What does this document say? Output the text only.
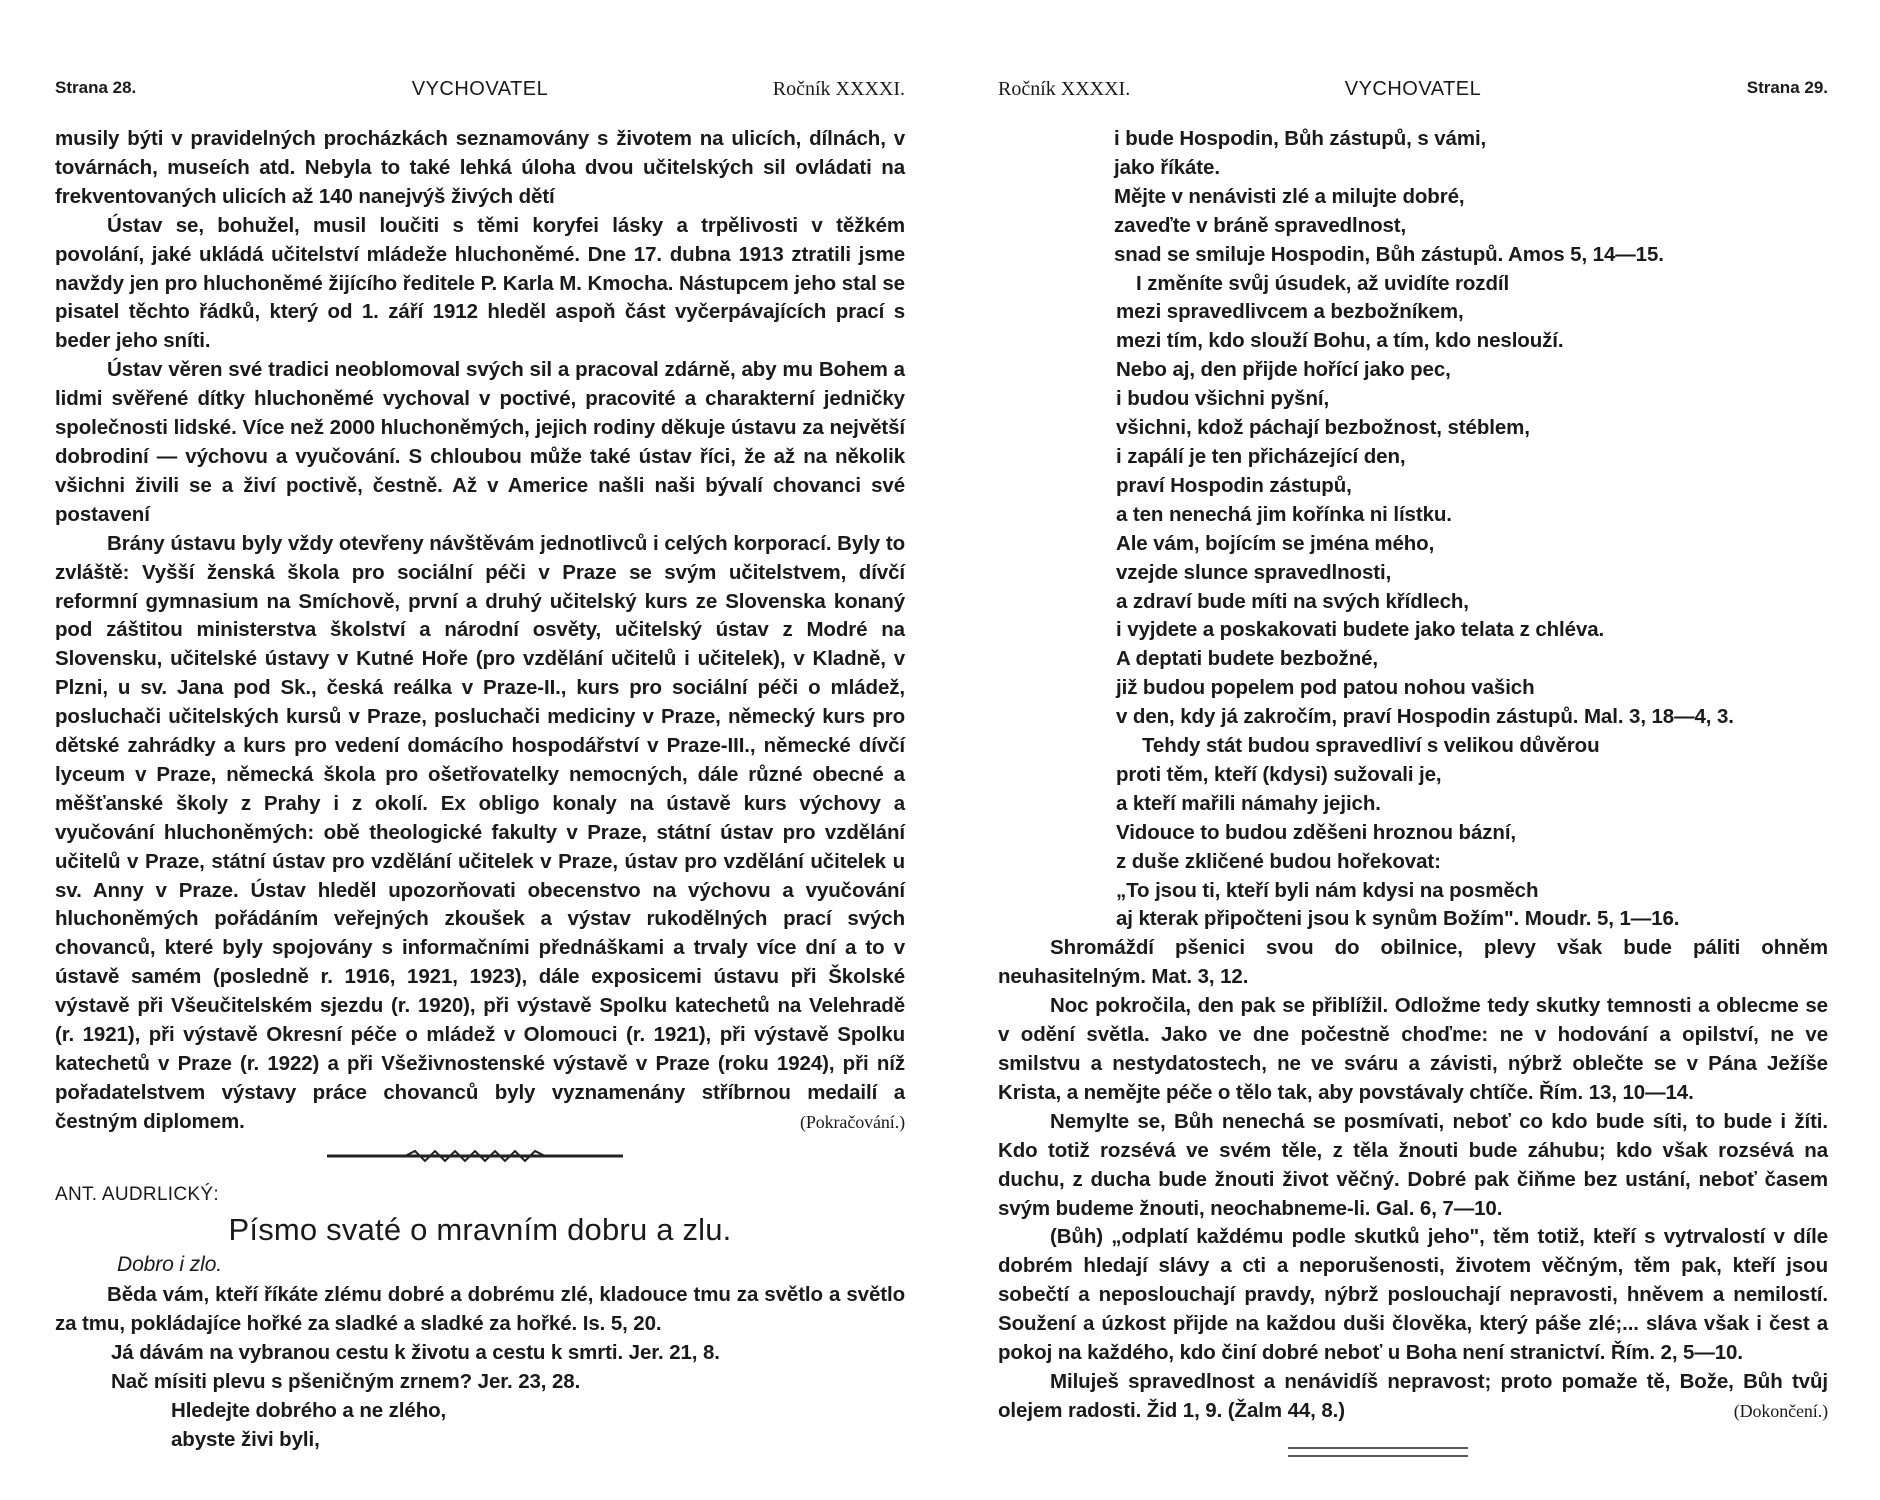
Strana 28.	VYCHOVATEL	Ročník XXXXI.

musily býti v pravidelných procházkách seznamovány s životem na ulicích, dílnách, v továrnách, museích atd. Nebyla to také lehká úloha dvou učitelských sil ovládati na frekventovaných ulicích až 140 nanejvýš živých dětí

Ústav se, bohužel, musil loučiti s těmi koryfei lásky a trpělivosti v těžkém povolání, jaké ukládá učitelství mládeže hluchoněmé. Dne 17. dubna 1913 ztratili jsme navždy jen pro hluchoněmé žijícího ředitele P. Karla M. Kmocha. Nástupcem jeho stal se pisatel těchto řádků, který od 1. září 1912 hleděl aspoň část vyčerpávajících prací s beder jeho sníti.

Ústav věren své tradici neoblomoval svých sil a pracoval zdárně, aby mu Bohem a lidmi svěřené dítky hluchoněmé vychoval v poctivé, pracovité a charakterní jedničky společnosti lidské. Více než 2000 hluchoněmých, jejich rodiny děkuje ústavu za největší dobrodiní — výchovu a vyučování. S chloubou může také ústav říci, že až na několik všichni živili se a živí poctivě, čestně. Až v Americe našli naši bývalí chovanci své postavení

Brány ústavu byly vždy otevřeny návštěvám jednotlivců i celých korporací. Byly to zvláště: Vyšší ženská škola pro sociální péči v Praze se svým učitelstvem, dívčí reformní gymnasium na Smíchově, první a druhý učitelský kurs ze Slovenska konaný pod záštitou ministerstva školství a národní osvěty, učitelský ústav z Modré na Slovensku, učitelské ústavy v Kutné Hoře (pro vzdělání učitelů i učitelek), v Kladně, v Plzni, u sv. Jana pod Sk., česká reálka v Praze-II., kurs pro sociální péči o mládež, posluchači učitelských kursů v Praze, posluchači mediciny v Praze, německý kurs pro dětské zahrádky a kurs pro vedení domácího hospodářství v Praze-III., německé dívčí lyceum v Praze, německá škola pro ošetřovatelky nemocných, dále různé obecné a měšťanské školy z Prahy i z okolí. Ex obligo konaly na ústavě kurs výchovy a vyučování hluchoněmých: obě theologické fakulty v Praze, státní ústav pro vzdělání učitelů v Praze, státní ústav pro vzdělání učitelek v Praze, ústav pro vzdělání učitelek u sv. Anny v Praze. Ústav hleděl upozorňovati obecenstvo na výchovu a vyučování hluchoněmých pořádáním veřejných zkoušek a výstav rukodělných prací svých chovanců, které byly spojovány s informačními přednáškami a trvaly více dní a to v ústavě samém (posledně r. 1916, 1921, 1923), dále exposicemi ústavu při Školské výstavě při Všeučitelském sjezdu (r. 1920), při výstavě Spolku katechetů na Velehradě (r. 1921), při výstavě Okresní péče o mládež v Olomouci (r. 1921), při výstavě Spolku katechetů v Praze (r. 1922) a při Všeživnostenské výstavě v Praze (roku 1924), při níž pořadatelstvem výstavy práce chovanců byly vyznamenány stříbrnou medailí a čestným diplomem.	(Pokračování.)

ANT. AUDRLICKÝ:
Písmo svaté o mravním dobru a zlu.
Dobro i zlo.

Běda vám, kteří říkáte zlému dobré a dobrému zlé, kladouce tmu za světlo a světlo za tmu, pokládajíce hořké za sladké a sladké za hořké. Is. 5, 20.

Já dávám na vybranou cestu k životu a cestu k smrti. Jer. 21, 8.

Nač mísiti plevu s pšeničným zrnem? Jer. 23, 28.

Hledejte dobrého a ne zlého,

abyste živi byli,

Ročník XXXXI.	VYCHOVATEL	Strana 29.

i bude Hospodin, Bůh zástupů, s vámi,

jako říkáte.

Mějte v nenávisti zlé a milujte dobré,

zaveďte v bráně spravedlnost,

snad se smiluje Hospodin, Bůh zástupů. Amos 5, 14—15.

I změníte svůj úsudek, až uvidíte rozdíl

mezi spravedlivcem a bezbožníkem,

mezi tím, kdo slouží Bohu, a tím, kdo neslouží.

Nebo aj, den přijde hořící jako pec,

i budou všichni pyšní,

všichni, kdož páchají bezbožnost, stéblem,

i zapálí je ten přicházející den,

praví Hospodin zástupů,

a ten nenechá jim kořínka ni lístku.

Ale vám, bojícím se jména mého,

vzejde slunce spravedlnosti,

a zdraví bude míti na svých křídlech,

i vyjdete a poskakovati budete jako telata z chléva.

A deptati budete bezbožné,

již budou popelem pod patou nohou vašich

v den, kdy já zakročím, praví Hospodin zástupů. Mal. 3, 18—4, 3.

Tehdy stát budou spravedliví s velikou důvěrou

proti těm, kteří (kdysi) sužovali je,

a kteří mařili námahy jejich.

Vidouce to budou zděšeni hroznou bázní,

z duše zkličené budou hořekovat:

„To jsou ti, kteří byli nám kdysi na posměch

aj kterak připočteni jsou k synům Božím". Moudr. 5, 1—16.

Shromáždí pšenici svou do obilnice, plevy však bude páliti ohněm neuhasitelným. Mat. 3, 12.

Noc pokročila, den pak se přiblížil. Odložme tedy skutky temnosti a oblecme se v odění světla. Jako ve dne počestně choďme: ne v hodování a opilství, ne ve smilstvu a nestydatostech, ne ve sváru a závisti, nýbrž oblečte se v Pána Ježíše Krista, a nemějte péče o tělo tak, aby povstávaly chtíče. Řím. 13, 10—14.

Nemylte se, Bůh nenechá se posmívati, neboť co kdo bude síti, to bude i žíti. Kdo totiž rozsévá ve svém těle, z těla žnouti bude záhubu; kdo však rozsévá na duchu, z ducha bude žnouti život věčný. Dobré pak čiňme bez ustání, neboť časem svým budeme žnouti, neochabneme-li. Gal. 6, 7—10.

(Bůh) „odplatí každému podle skutků jeho", těm totiž, kteří s vytrvalostí v díle dobrém hledají slávy a cti a neporušenosti, životem věčným, těm pak, kteří jsou sobečtí a neposlouchají pravdy, nýbrž poslouchají nepravosti, hněvem a nemilostí. Soužení a úzkost přijde na každou duši člověka, který páše zlé;... sláva však i čest a pokoj na každého, kdo činí dobré neboť u Boha není stranictví. Řím. 2, 5—10.

Miluješ spravedlnost a nenávidíš nepravost; proto pomaže tě, Bože, Bůh tvůj olejem radosti. Žid 1, 9. (Žalm 44, 8.)	(Dokončení.)
